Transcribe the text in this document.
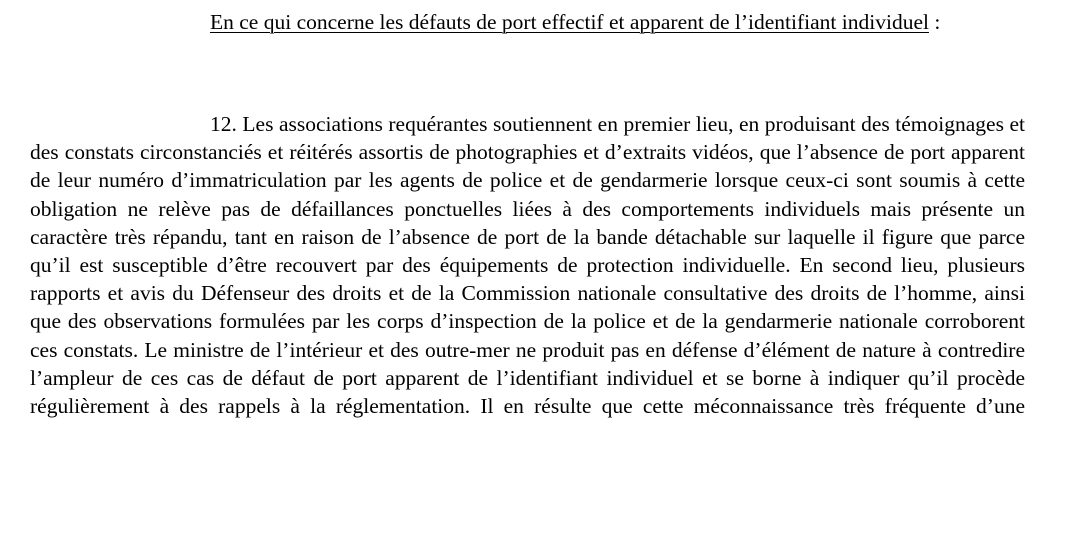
En ce qui concerne les défauts de port effectif et apparent de l’identifiant individuel :

12. Les associations requérantes soutiennent en premier lieu, en produisant des témoignages et des constats circonstanciés et réitérés assortis de photographies et d’extraits vidéos, que l’absence de port apparent de leur numéro d’immatriculation par les agents de police et de gendarmerie lorsque ceux-ci sont soumis à cette obligation ne relève pas de défaillances ponctuelles liées à des comportements individuels mais présente un caractère très répandu, tant en raison de l’absence de port de la bande détachable sur laquelle il figure que parce qu’il est susceptible d’être recouvert par des équipements de protection individuelle. En second lieu, plusieurs rapports et avis du Défenseur des droits et de la Commission nationale consultative des droits de l’homme, ainsi que des observations formulées par les corps d’inspection de la police et de la gendarmerie nationale corroborent ces constats. Le ministre de l’intérieur et des outre-mer ne produit pas en défense d’élément de nature à contredire l’ampleur de ces cas de défaut de port apparent de l’identifiant individuel et se borne à indiquer qu’il procède régulièrement à des rappels à la réglementation. Il en résulte que cette méconnaissance très fréquente d’une
